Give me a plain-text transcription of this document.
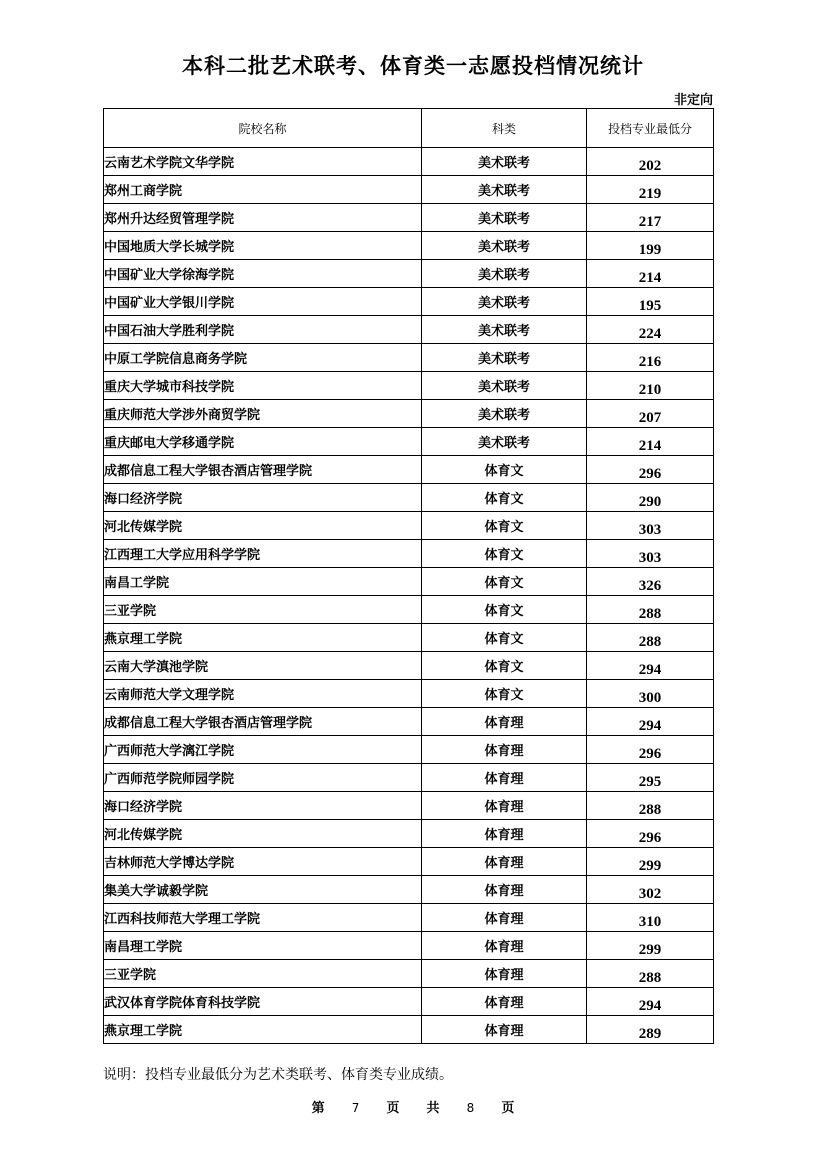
本科二批艺术联考、体育类一志愿投档情况统计
非定向
院校名称	科类	投档专业最低分
云南艺术学院文华学院	美术联考	202
郑州工商学院	美术联考	219
郑州升达经贸管理学院	美术联考	217
中国地质大学长城学院	美术联考	199
中国矿业大学徐海学院	美术联考	214
中国矿业大学银川学院	美术联考	195
中国石油大学胜利学院	美术联考	224
中原工学院信息商务学院	美术联考	216
重庆大学城市科技学院	美术联考	210
重庆师范大学涉外商贸学院	美术联考	207
重庆邮电大学移通学院	美术联考	214
成都信息工程大学银杏酒店管理学院	体育文	296
海口经济学院	体育文	290
河北传媒学院	体育文	303
江西理工大学应用科学学院	体育文	303
南昌工学院	体育文	326
三亚学院	体育文	288
燕京理工学院	体育文	288
云南大学滇池学院	体育文	294
云南师范大学文理学院	体育文	300
成都信息工程大学银杏酒店管理学院	体育理	294
广西师范大学漓江学院	体育理	296
广西师范学院师园学院	体育理	295
海口经济学院	体育理	288
河北传媒学院	体育理	296
吉林师范大学博达学院	体育理	299
集美大学诚毅学院	体育理	302
江西科技师范大学理工学院	体育理	310
南昌理工学院	体育理	299
三亚学院	体育理	288
武汉体育学院体育科技学院	体育理	294
燕京理工学院	体育理	289
说明：投档专业最低分为艺术类联考、体育类专业成绩。
第 7 页 共 8 页
